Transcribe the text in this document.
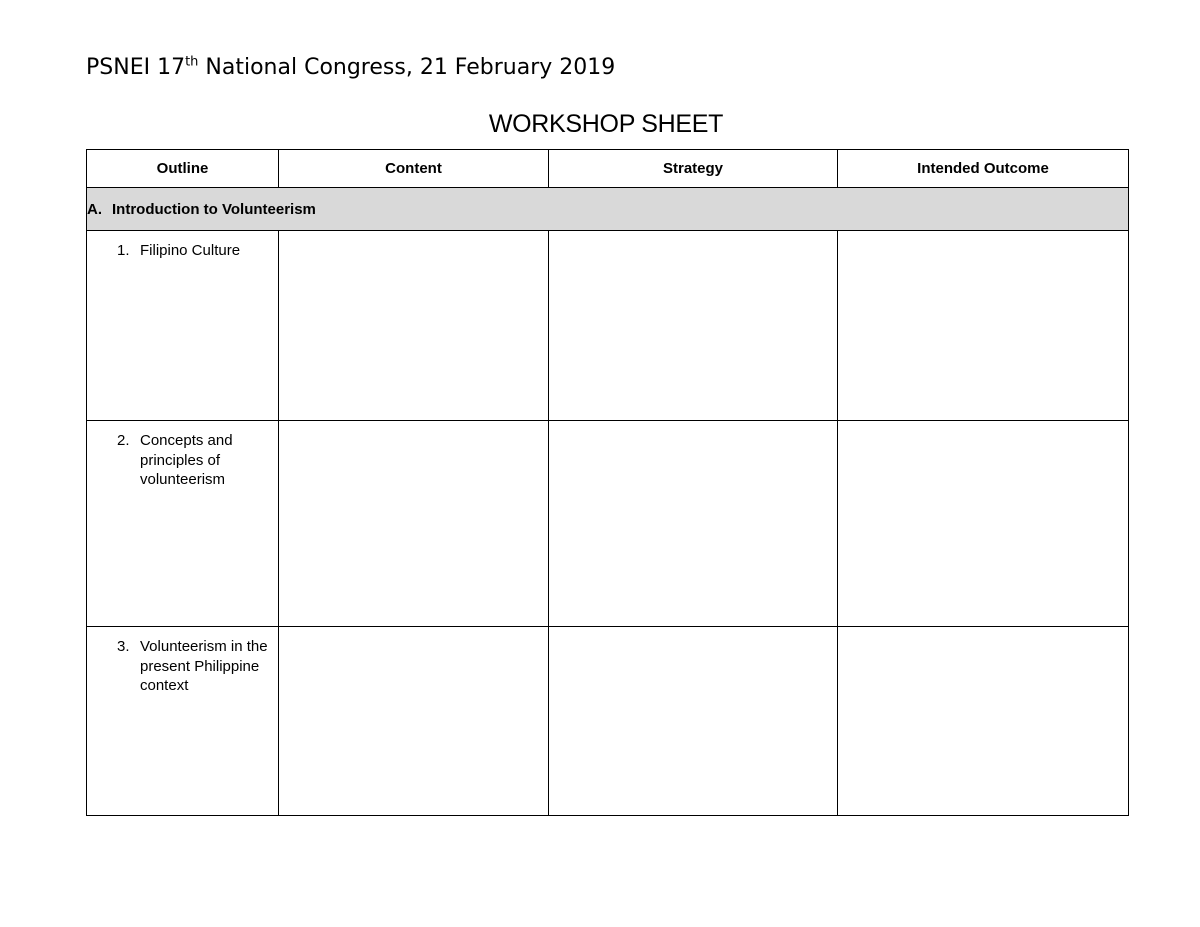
PSNEI 17th National Congress, 21 February 2019
WORKSHOP SHEET
Outline	Content	Strategy	Intended Outcome
A. Introduction to Volunteerism			

1. Filipino Culture			

2. Concepts and principles of volunteerism			

3. Volunteerism in the present Philippine context			
